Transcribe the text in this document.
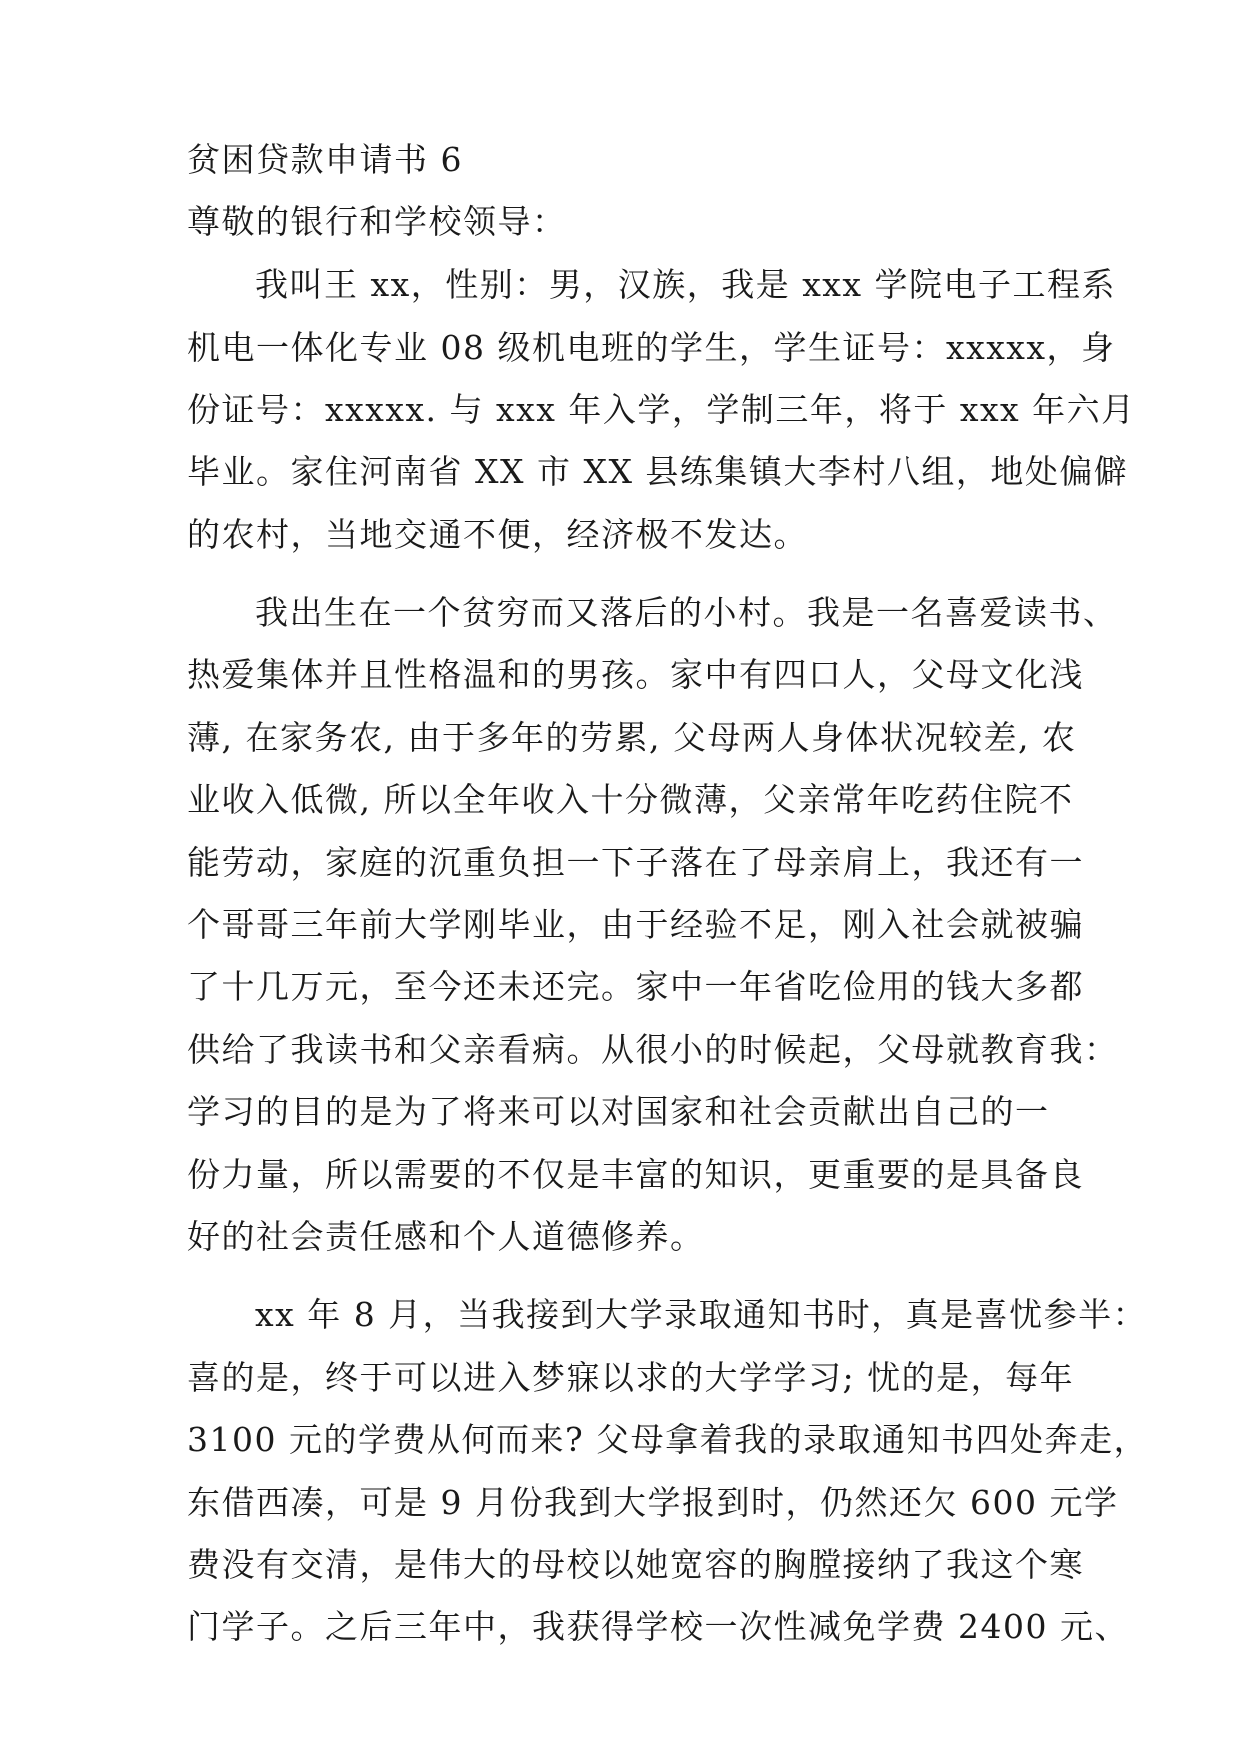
贫困贷款申请书 6
尊敬的银行和学校领导：
我叫王 xx，性别：男，汉族，我是 xxx 学院电子工程系
机电一体化专业 08 级机电班的学生，学生证号：xxxxx，身
份证号：xxxxx. 与 xxx 年入学，学制三年，将于 xxx 年六月
毕业。家住河南省 XX 市 XX 县练集镇大李村八组，地处偏僻
的农村，当地交通不便，经济极不发达。
我出生在一个贫穷而又落后的小村。我是一名喜爱读书、
热爱集体并且性格温和的男孩。家中有四口人，父母文化浅
薄, 在家务农, 由于多年的劳累, 父母两人身体状况较差, 农
业收入低微, 所以全年收入十分微薄，父亲常年吃药住院不
能劳动，家庭的沉重负担一下子落在了母亲肩上，我还有一
个哥哥三年前大学刚毕业，由于经验不足，刚入社会就被骗
了十几万元，至今还未还完。家中一年省吃俭用的钱大多都
供给了我读书和父亲看病。从很小的时候起，父母就教育我：
学习的目的是为了将来可以对国家和社会贡献出自己的一
份力量，所以需要的不仅是丰富的知识，更重要的是具备良
好的社会责任感和个人道德修养。
xx 年 8 月，当我接到大学录取通知书时，真是喜忧参半：
喜的是，终于可以进入梦寐以求的大学学习; 忧的是，每年
3100 元的学费从何而来? 父母拿着我的录取通知书四处奔走，
东借西凑，可是 9 月份我到大学报到时，仍然还欠 600 元学
费没有交清，是伟大的母校以她宽容的胸膛接纳了我这个寒
门学子。之后三年中，我获得学校一次性减免学费 2400 元、
